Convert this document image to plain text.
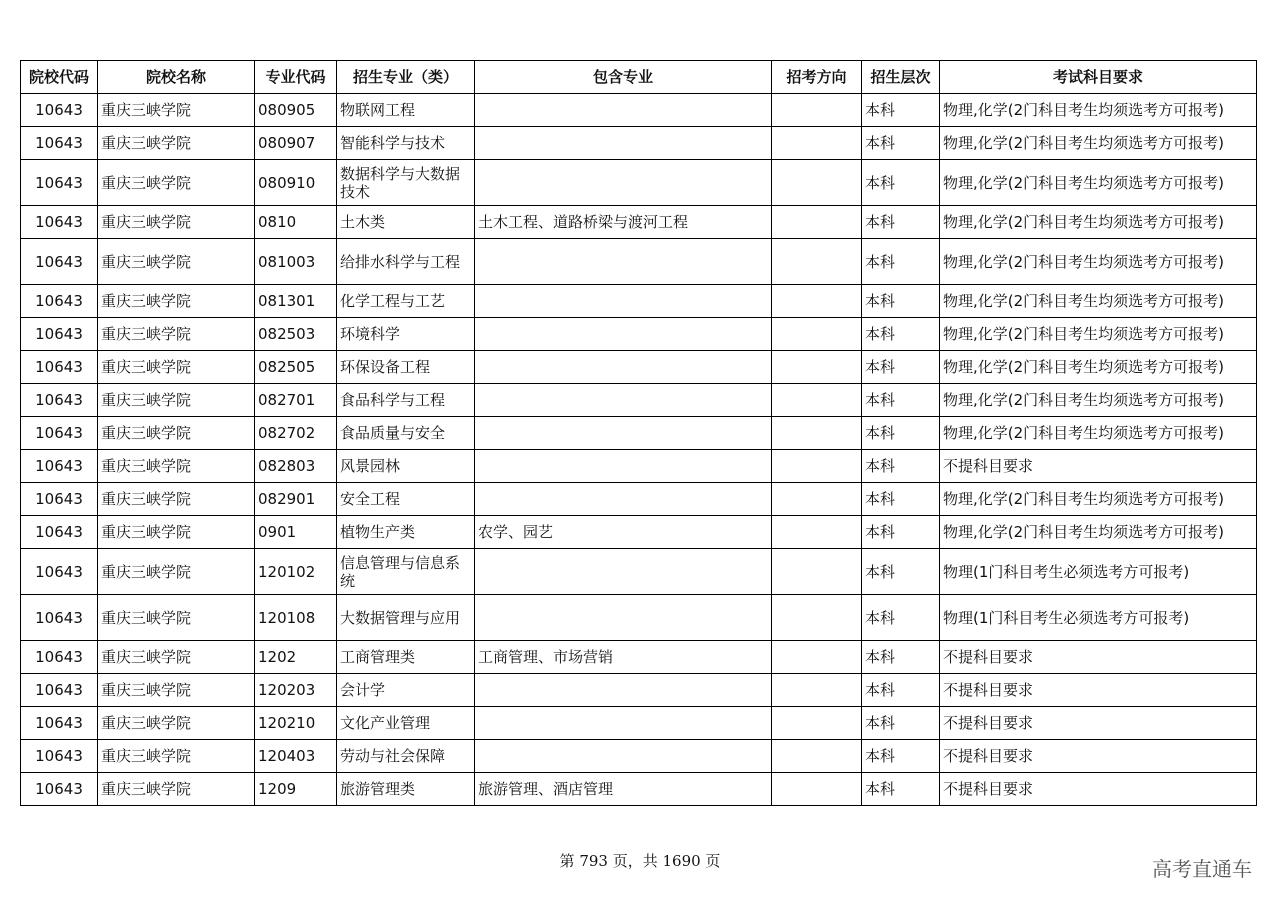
院校代码	院校名称	专业代码	招生专业（类）	包含专业	招考方向	招生层次	考试科目要求
10643	重庆三峡学院	080905	物联网工程			本科	物理,化学(2门科目考生均须选考方可报考)
10643	重庆三峡学院	080907	智能科学与技术			本科	物理,化学(2门科目考生均须选考方可报考)
10643	重庆三峡学院	080910	数据科学与大数据技术			本科	物理,化学(2门科目考生均须选考方可报考)
10643	重庆三峡学院	0810	土木类	土木工程、道路桥梁与渡河工程		本科	物理,化学(2门科目考生均须选考方可报考)
10643	重庆三峡学院	081003	给排水科学与工程			本科	物理,化学(2门科目考生均须选考方可报考)
10643	重庆三峡学院	081301	化学工程与工艺			本科	物理,化学(2门科目考生均须选考方可报考)
10643	重庆三峡学院	082503	环境科学			本科	物理,化学(2门科目考生均须选考方可报考)
10643	重庆三峡学院	082505	环保设备工程			本科	物理,化学(2门科目考生均须选考方可报考)
10643	重庆三峡学院	082701	食品科学与工程			本科	物理,化学(2门科目考生均须选考方可报考)
10643	重庆三峡学院	082702	食品质量与安全			本科	物理,化学(2门科目考生均须选考方可报考)
10643	重庆三峡学院	082803	风景园林			本科	不提科目要求
10643	重庆三峡学院	082901	安全工程			本科	物理,化学(2门科目考生均须选考方可报考)
10643	重庆三峡学院	0901	植物生产类	农学、园艺		本科	物理,化学(2门科目考生均须选考方可报考)
10643	重庆三峡学院	120102	信息管理与信息系统			本科	物理(1门科目考生必须选考方可报考)
10643	重庆三峡学院	120108	大数据管理与应用			本科	物理(1门科目考生必须选考方可报考)
10643	重庆三峡学院	1202	工商管理类	工商管理、市场营销		本科	不提科目要求
10643	重庆三峡学院	120203	会计学			本科	不提科目要求
10643	重庆三峡学院	120210	文化产业管理			本科	不提科目要求
10643	重庆三峡学院	120403	劳动与社会保障			本科	不提科目要求
10643	重庆三峡学院	1209	旅游管理类	旅游管理、酒店管理		本科	不提科目要求
第 793 页，共 1690 页	高考直通车
